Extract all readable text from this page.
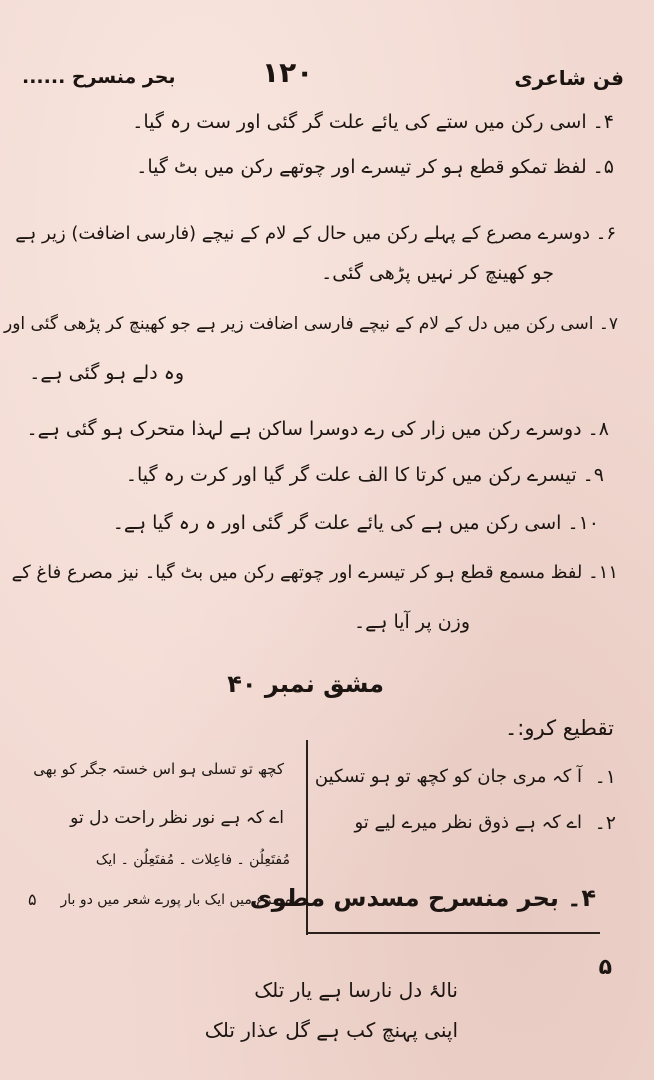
فن شاعری
۱۲۰
بحر منسرح ......
۴۔ اسی رکن میں ستے کی یائے علت گر گئی اور ست رہ گیا۔
۵۔ لفظ تمکو قطع ہو کر تیسرے اور چوتھے رکن میں بٹ گیا۔
۶۔ دوسرے مصرع کے پہلے رکن میں حال کے لام کے نیچے (فارسی اضافت) زیر ہے
جو کھینچ کر نہیں پڑھی گئی۔
۷۔ اسی رکن میں دل کے لام کے نیچے فارسی اضافت زیر ہے جو کھینچ کر پڑھی گئی اور
وہ دلے ہو گئی ہے۔
۸۔ دوسرے رکن میں زار کی رے دوسرا ساکن ہے لہذا متحرک ہو گئی ہے۔
۹۔ تیسرے رکن میں کرتا کا الف علت گر گیا اور کرت رہ گیا۔
۱۰۔ اسی رکن میں ہے کی یائے علت گر گئی اور ہ رہ گیا ہے۔
۱۱۔ لفظ مسمع قطع ہو کر تیسرے اور چوتھے رکن میں بٹ گیا۔ نیز مصرع فاغ کے
وزن پر آیا ہے۔
مشق نمبر ۴۰
تقطیع کرو:۔
۱۔
آ کہ مری جان کو کچھ تو ہو تسکین
کچھ تو تسلی ہو اس خستہ جگر کو بھی
۲۔
اے کہ ہے ذوق نظر میرے لیے تو
اے کہ ہے نور نظر راحت دل تو
۴۔ بحر منسرح مسدس مطوی
مُفتَعِلُن ۔ فاعِلات ۔ مُفتَعِلُن ۔ ایک
مصرع میں ایک بار پورے شعر میں دو بار
۵
۵
نالۂ دل نارسا ہے یار تلک
اپنی پہنچ کب ہے گل عذار تلک
